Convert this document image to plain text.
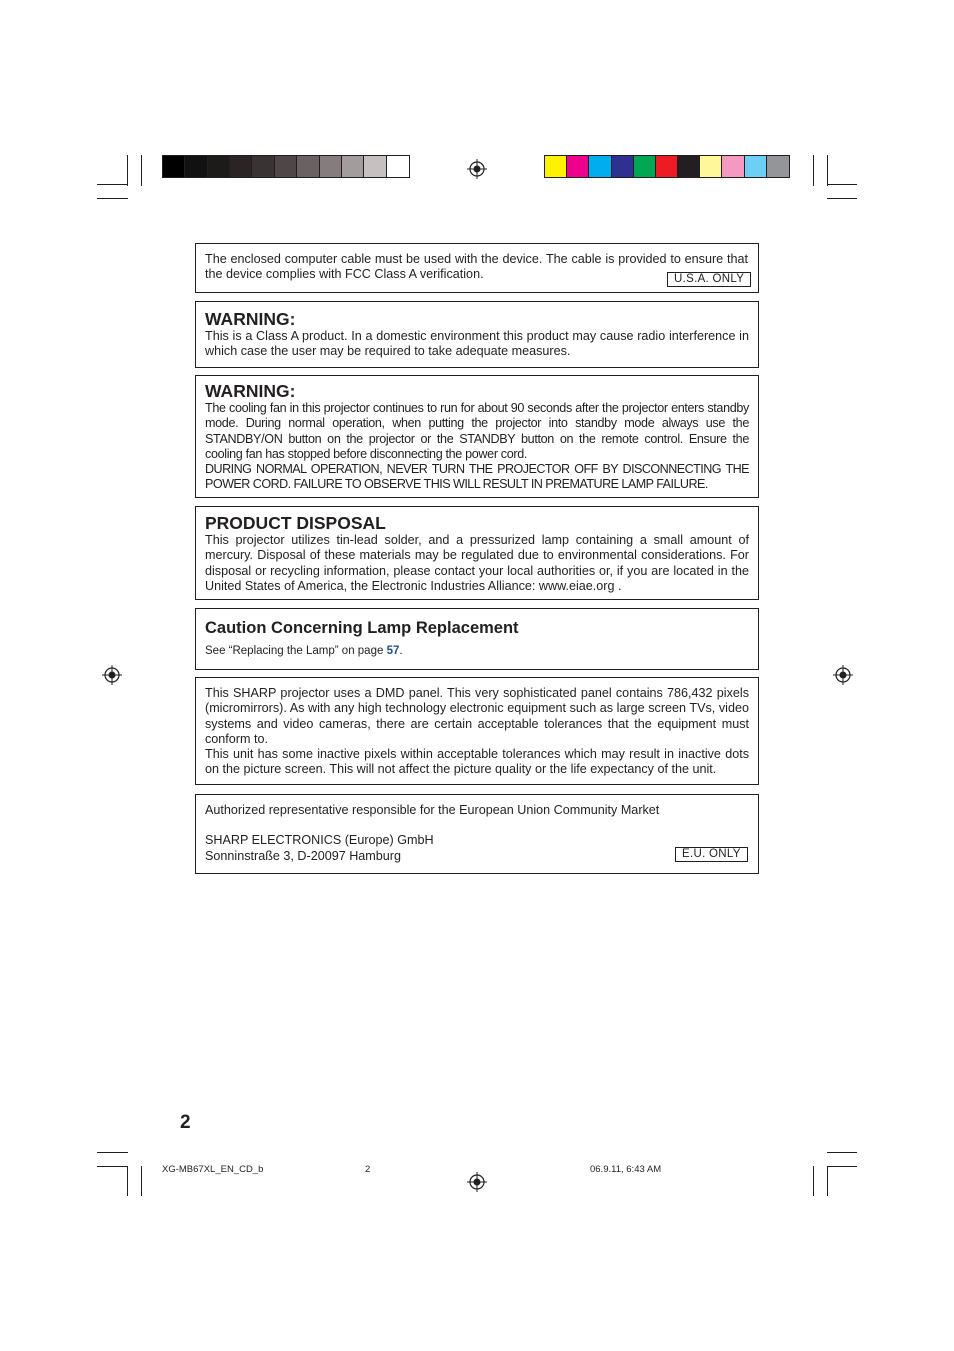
The enclosed computer cable must be used with the device. The cable is provided to ensure that the device complies with FCC Class A verification.	U.S.A. ONLY
WARNING:

This is a Class A product. In a domestic environment this product may cause radio interference in which case the user may be required to take adequate measures.

WARNING:

The cooling fan in this projector continues to run for about 90 seconds after the projector enters standby mode. During normal operation, when putting the projector into standby mode always use the STANDBY/ON button on the projector or the STANDBY button on the remote control. Ensure the cooling fan has stopped before disconnecting the power cord.

DURING NORMAL OPERATION, NEVER TURN THE PROJECTOR OFF BY DISCONNECTING THE POWER CORD. FAILURE TO OBSERVE THIS WILL RESULT IN PREMATURE LAMP FAILURE.

PRODUCT DISPOSAL

This projector utilizes tin-lead solder, and a pressurized lamp containing a small amount of mercury. Disposal of these materials may be regulated due to environmental considerations. For disposal or recycling information, please contact your local authorities or, if you are located in the United States of America, the Electronic Industries Alliance: www.eiae.org .

Caution Concerning Lamp Replacement

See “Replacing the Lamp” on page 57.

This SHARP projector uses a DMD panel. This very sophisticated panel contains 786,432 pixels (micromirrors). As with any high technology electronic equipment such as large screen TVs, video systems and video cameras, there are certain acceptable tolerances that the equipment must conform to.

This unit has some inactive pixels within acceptable tolerances which may result in inactive dots on the picture screen. This will not affect the picture quality or the life expectancy of the unit.

Authorized representative responsible for the European Union Community Market

SHARP ELECTRONICS (Europe) GmbH

Sonninstraße 3, D-20097 Hamburg	E.U. ONLY
2
XG-MB67XL_EN_CD_b	2	06.9.11, 6:43 AM
